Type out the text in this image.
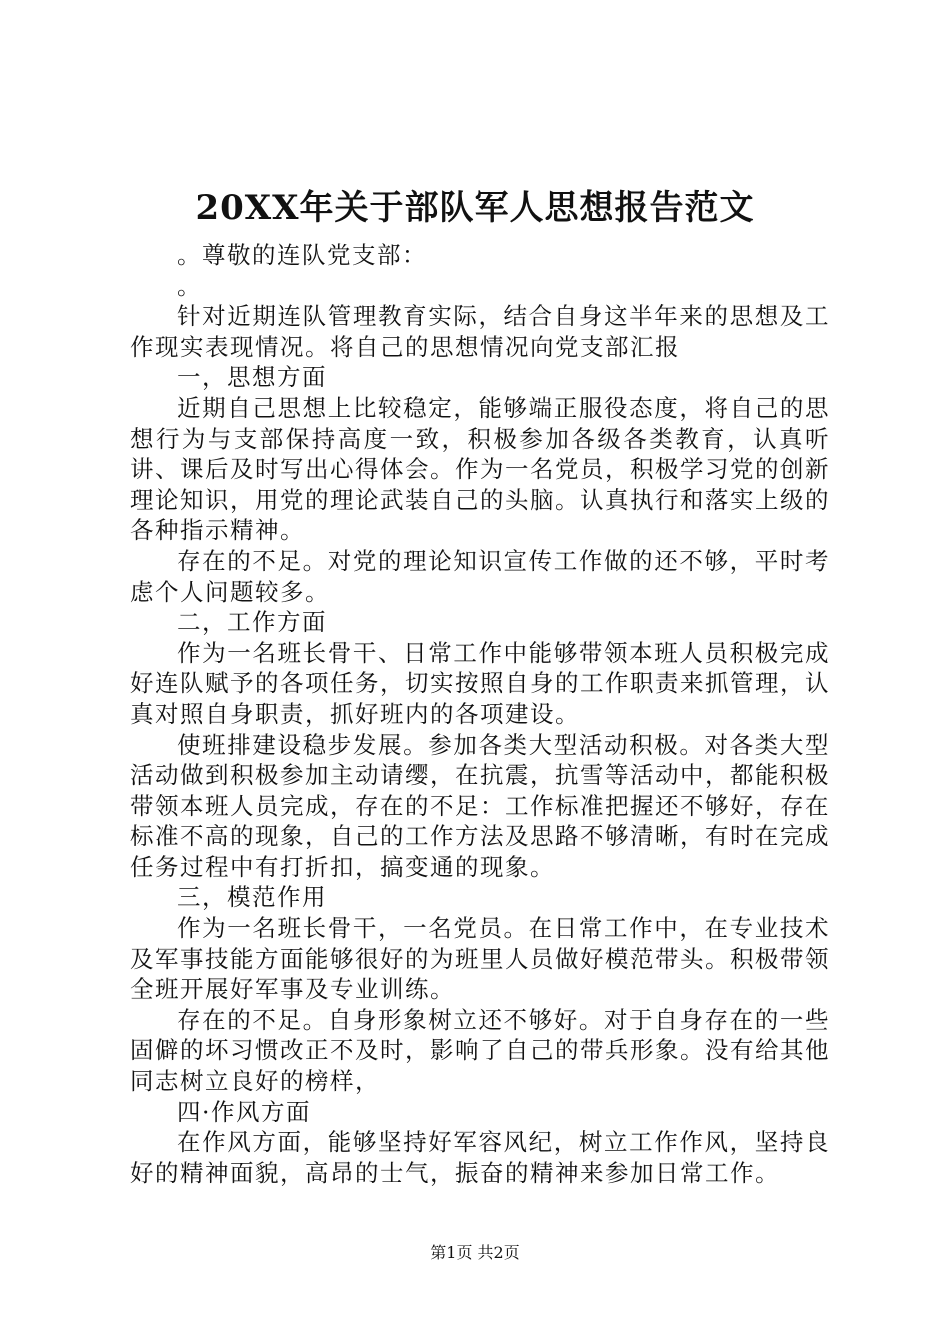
20XX年关于部队军人思想报告范文

。尊敬的连队党支部：

。

针对近期连队管理教育实际，结合自身这半年来的思想及工作现实表现情况。将自己的思想情况向党支部汇报

一，思想方面

近期自己思想上比较稳定，能够端正服役态度，将自己的思想行为与支部保持高度一致，积极参加各级各类教育，认真听讲、课后及时写出心得体会。作为一名党员，积极学习党的创新理论知识，用党的理论武装自己的头脑。认真执行和落实上级的各种指示精神。

存在的不足。对党的理论知识宣传工作做的还不够，平时考虑个人问题较多。

二，工作方面

作为一名班长骨干、日常工作中能够带领本班人员积极完成好连队赋予的各项任务，切实按照自身的工作职责来抓管理，认真对照自身职责，抓好班内的各项建设。

使班排建设稳步发展。参加各类大型活动积极。对各类大型活动做到积极参加主动请缨，在抗震，抗雪等活动中，都能积极带领本班人员完成，存在的不足：工作标准把握还不够好，存在标准不高的现象，自己的工作方法及思路不够清晰，有时在完成任务过程中有打折扣，搞变通的现象。

三，模范作用

作为一名班长骨干，一名党员。在日常工作中，在专业技术及军事技能方面能够很好的为班里人员做好模范带头。积极带领全班开展好军事及专业训练。

存在的不足。自身形象树立还不够好。对于自身存在的一些固僻的坏习惯改正不及时，影响了自己的带兵形象。没有给其他同志树立良好的榜样，

四·作风方面

在作风方面，能够坚持好军容风纪，树立工作作风，坚持良好的精神面貌，高昂的士气，振奋的精神来参加日常工作。

第1页 共2页
